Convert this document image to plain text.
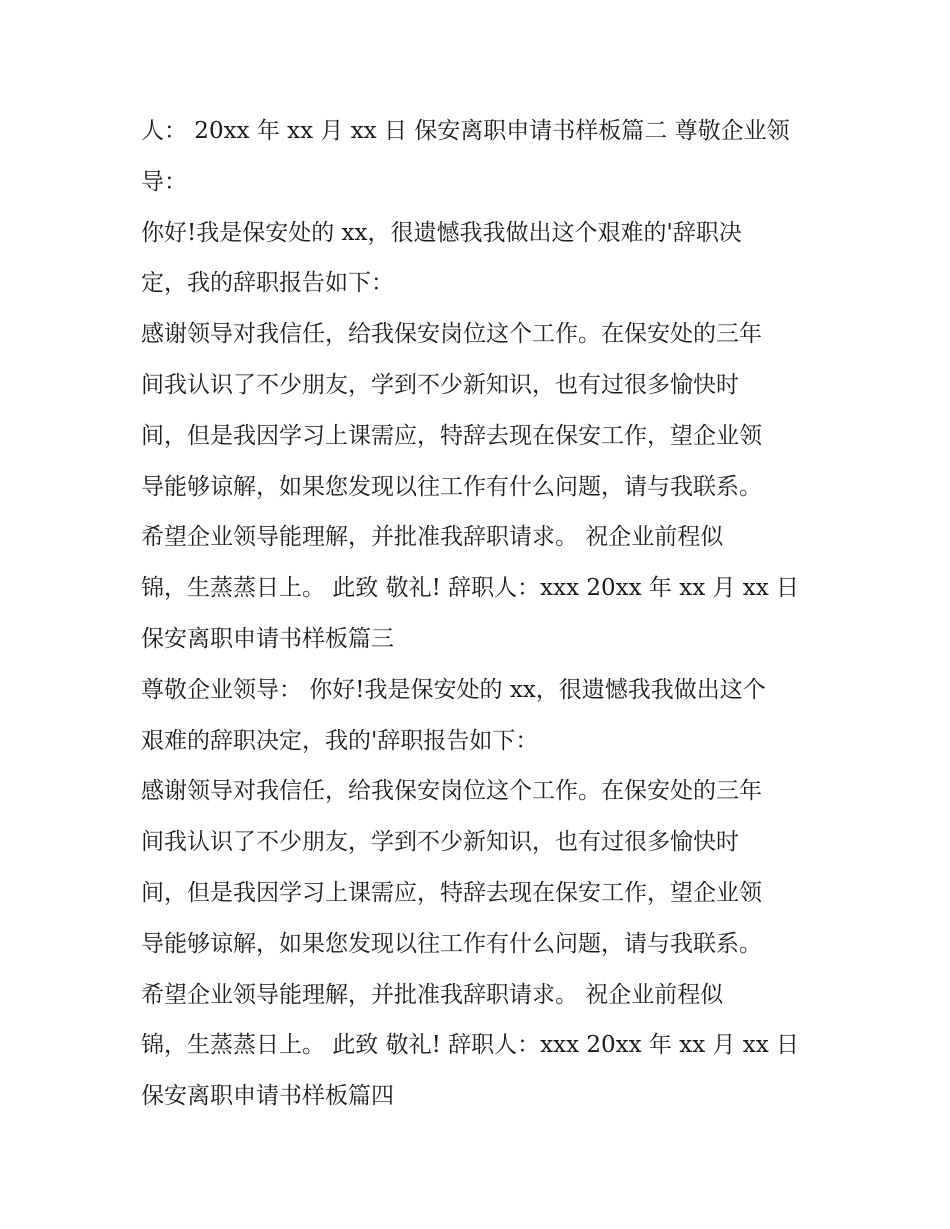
人： 20xx 年 xx 月 xx 日 保安离职申请书样板篇二 尊敬企业领
导：
你好!我是保安处的 xx，很遗憾我我做出这个艰难的'辞职决
定，我的辞职报告如下：
感谢领导对我信任，给我保安岗位这个工作。在保安处的三年
间我认识了不少朋友，学到不少新知识，也有过很多愉快时
间，但是我因学习上课需应，特辞去现在保安工作，望企业领
导能够谅解，如果您发现以往工作有什么问题，请与我联系。
希望企业领导能理解，并批准我辞职请求。 祝企业前程似
锦，生蒸蒸日上。 此致 敬礼! 辞职人：xxx 20xx 年 xx 月 xx 日
保安离职申请书样板篇三
尊敬企业领导： 你好!我是保安处的 xx，很遗憾我我做出这个
艰难的辞职决定，我的'辞职报告如下：
感谢领导对我信任，给我保安岗位这个工作。在保安处的三年
间我认识了不少朋友，学到不少新知识，也有过很多愉快时
间，但是我因学习上课需应，特辞去现在保安工作，望企业领
导能够谅解，如果您发现以往工作有什么问题，请与我联系。
希望企业领导能理解，并批准我辞职请求。 祝企业前程似
锦，生蒸蒸日上。 此致 敬礼! 辞职人：xxx 20xx 年 xx 月 xx 日
保安离职申请书样板篇四
